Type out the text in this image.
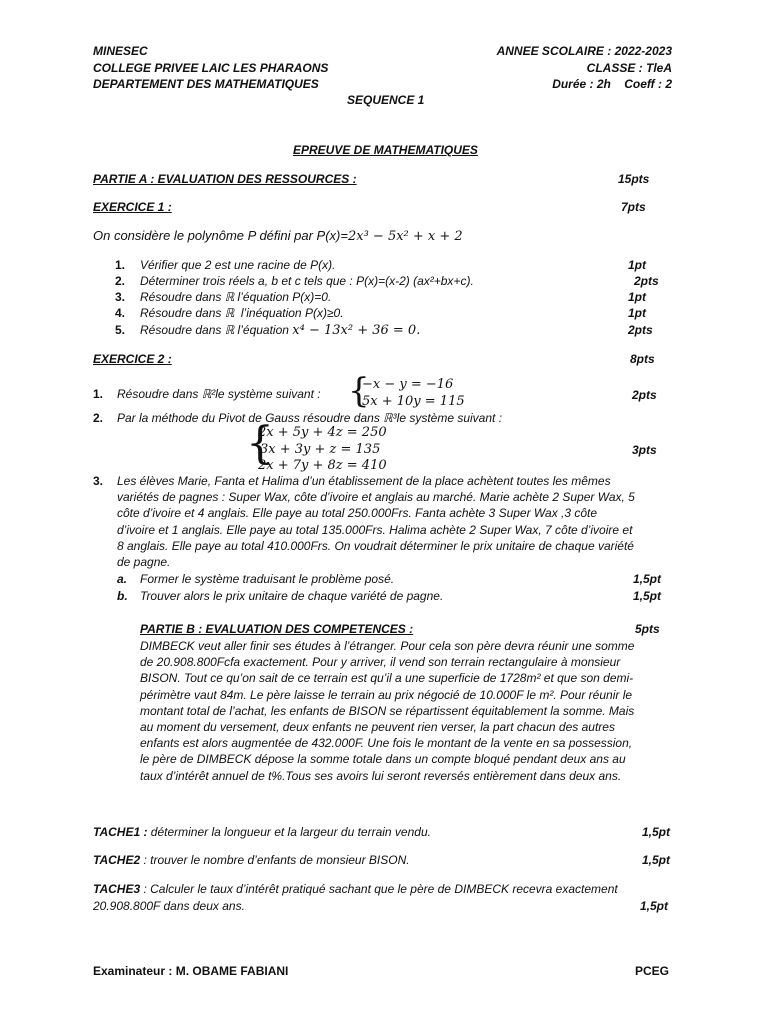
MINESEC
COLLEGE PRIVEE LAIC LES PHARAONS
DEPARTEMENT DES MATHEMATIQUES
ANNEE SCOLAIRE : 2022-2023
CLASSE : TleA
Durée : 2h    Coeff : 2
SEQUENCE 1
EPREUVE DE MATHEMATIQUES
PARTIE A : EVALUATION DES RESSOURCES :	15pts
EXERCICE 1 :	7pts
On considère le polynôme P défini par P(x)=2x³ − 5x² + x + 2
1. Vérifier que 2 est une racine de P(x).	1pt
2. Déterminer trois réels a, b et c tels que : P(x)=(x-2) (ax²+bx+c).	2pts
3. Résoudre dans ℝ l’équation P(x)=0.	1pt
4. Résoudre dans ℝ  l’inéquation P(x)≥0.	1pt
5. Résoudre dans ℝ l’équation x⁴ − 13x² + 36 = 0.	2pts
EXERCICE 2 :	8pts
1. Résoudre dans ℝ²le système suivant : {
−x − y = −16
5x + 10y = 115	2pts
2. Par la méthode du Pivot de Gauss résoudre dans ℝ³le système suivant :
{
2x + 5y + 4z = 250
3x + 3y + z = 135
2x + 7y + 8z = 410
3pts
3. Les élèves Marie, Fanta et Halima d’un établissement de la place achètent toutes les mêmes
variétés de pagnes : Super Wax, côte d’ivoire et anglais au marché. Marie achète 2 Super Wax, 5
côte d’ivoire et 4 anglais. Elle paye au total 250.000Frs. Fanta achète 3 Super Wax ,3 côte
d’ivoire et 1 anglais. Elle paye au total 135.000Frs. Halima achète 2 Super Wax, 7 côte d’ivoire et
8 anglais. Elle paye au total 410.000Frs. On voudrait déterminer le prix unitaire de chaque variété
de pagne.
a. Former le système traduisant le problème posé.	1,5pt
b. Trouver alors le prix unitaire de chaque variété de pagne.	1,5pt
PARTIE B : EVALUATION DES COMPETENCES :	5pts
DIMBECK veut aller finir ses études à l’étranger. Pour cela son père devra réunir une somme
de 20.908.800Fcfa exactement. Pour y arriver, il vend son terrain rectangulaire à monsieur
BISON. Tout ce qu’on sait de ce terrain est qu’il a une superficie de 1728m² et que son demi-
périmètre vaut 84m. Le père laisse le terrain au prix négocié de 10.000F le m². Pour réunir le
montant total de l’achat, les enfants de BISON se répartissent équitablement la somme. Mais
au moment du versement, deux enfants ne peuvent rien verser, la part chacun des autres
enfants est alors augmentée de 432.000F. Une fois le montant de la vente en sa possession,
le père de DIMBECK dépose la somme totale dans un compte bloqué pendant deux ans au
taux d’intérêt annuel de t%.Tous ses avoirs lui seront reversés entièrement dans deux ans.
TACHE1 : déterminer la longueur et la largeur du terrain vendu.	1,5pt
TACHE2 : trouver le nombre d’enfants de monsieur BISON.	1,5pt
TACHE3 : Calculer le taux d’intérêt pratiqué sachant que le père de DIMBECK recevra exactement
20.908.800F dans deux ans.	1,5pt
Examinateur : M. OBAME FABIANI	PCEG
